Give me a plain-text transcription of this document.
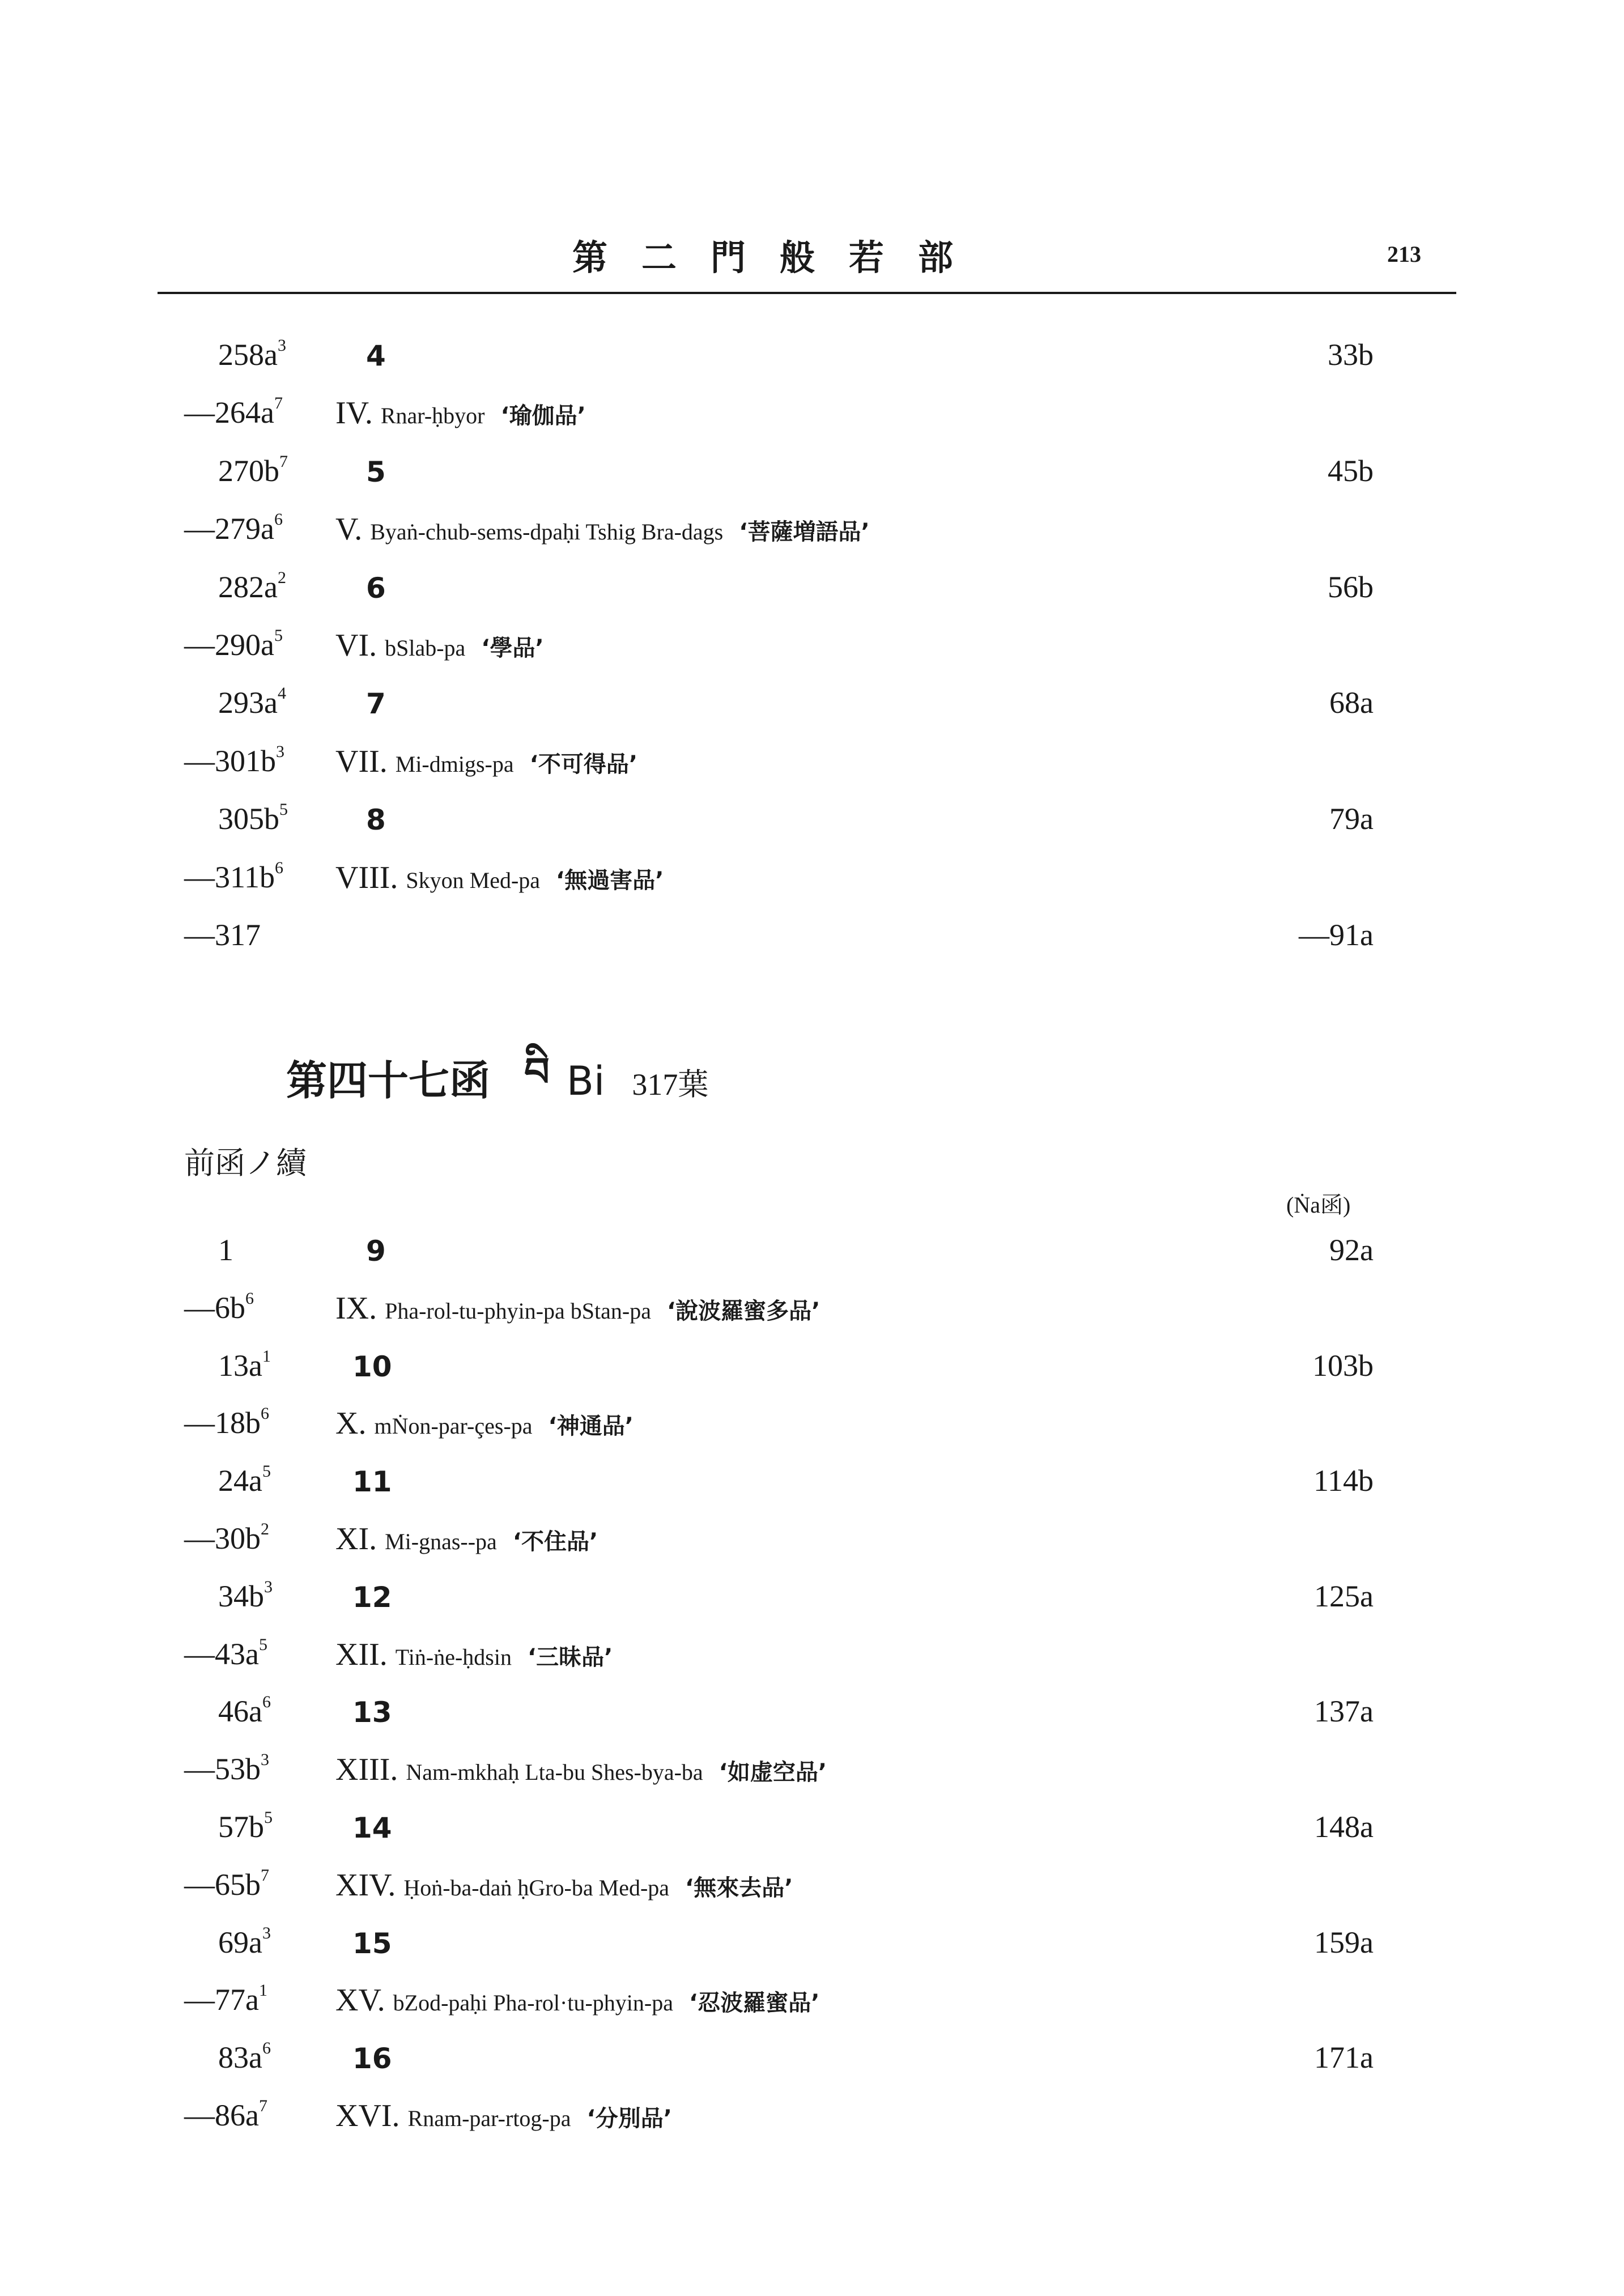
第二門般若部	213
$258a^3$	4	33b
$—264a^7$ IV. Rnar-ḥbyor ‘瑜伽品’
$270b^7$	5	45b
$—279a^6$ V. Byaṅ-chub-sems-dpaḥi Tshig Bra-dags ‘菩薩増語品’
$282a^2$	6	56b
$—290a^5$ VI. bSlab-pa ‘學品’
$293a^4$	7	68a
$—301b^3$ VII. Mi-dmigs-pa ‘不可得品’
$305b^5$	8	79a
$—311b^6$ VIII. Skyon Med-pa ‘無過害品’
—317	—91a
第四十七函 བི Bi 317葉
前函ノ續
(Ṅa函)
1	9	92a
$—6b^6$	IX. Pha-rol-tu-phyin-pa bStan-pa ‘說波羅蜜多品’
$13a^1$	10	103b
$—18b^6$ X. mṄon-par-çes-pa ‘神通品’
$24a^5$	11	114b
$—30b^2$ XI. Mi-gnas--pa ‘不住品’
$34b^3$	12	125a
$—43a^5$ XII. Tiṅ-ṅe-ḥdsin ‘三昧品’
$46a^6$	13	137a
$—53b^3$ XIII. Nam-mkhaḥ Lta-bu Shes-bya-ba ‘如虚空品’
$57b^5$	14	148a
$—65b^7$ XIV. Ḥoṅ-ba-daṅ ḥGro-ba Med-pa ‘無來去品’
$69a^3$	15	159a
$—77a^1$ XV. bZod-paḥi Pha-rol·tu-phyin-pa ‘忍波羅蜜品’
$83a^6$	16	171a
$—86a^7$ XVI. Rnam-par-rtog-pa ‘分別品’
